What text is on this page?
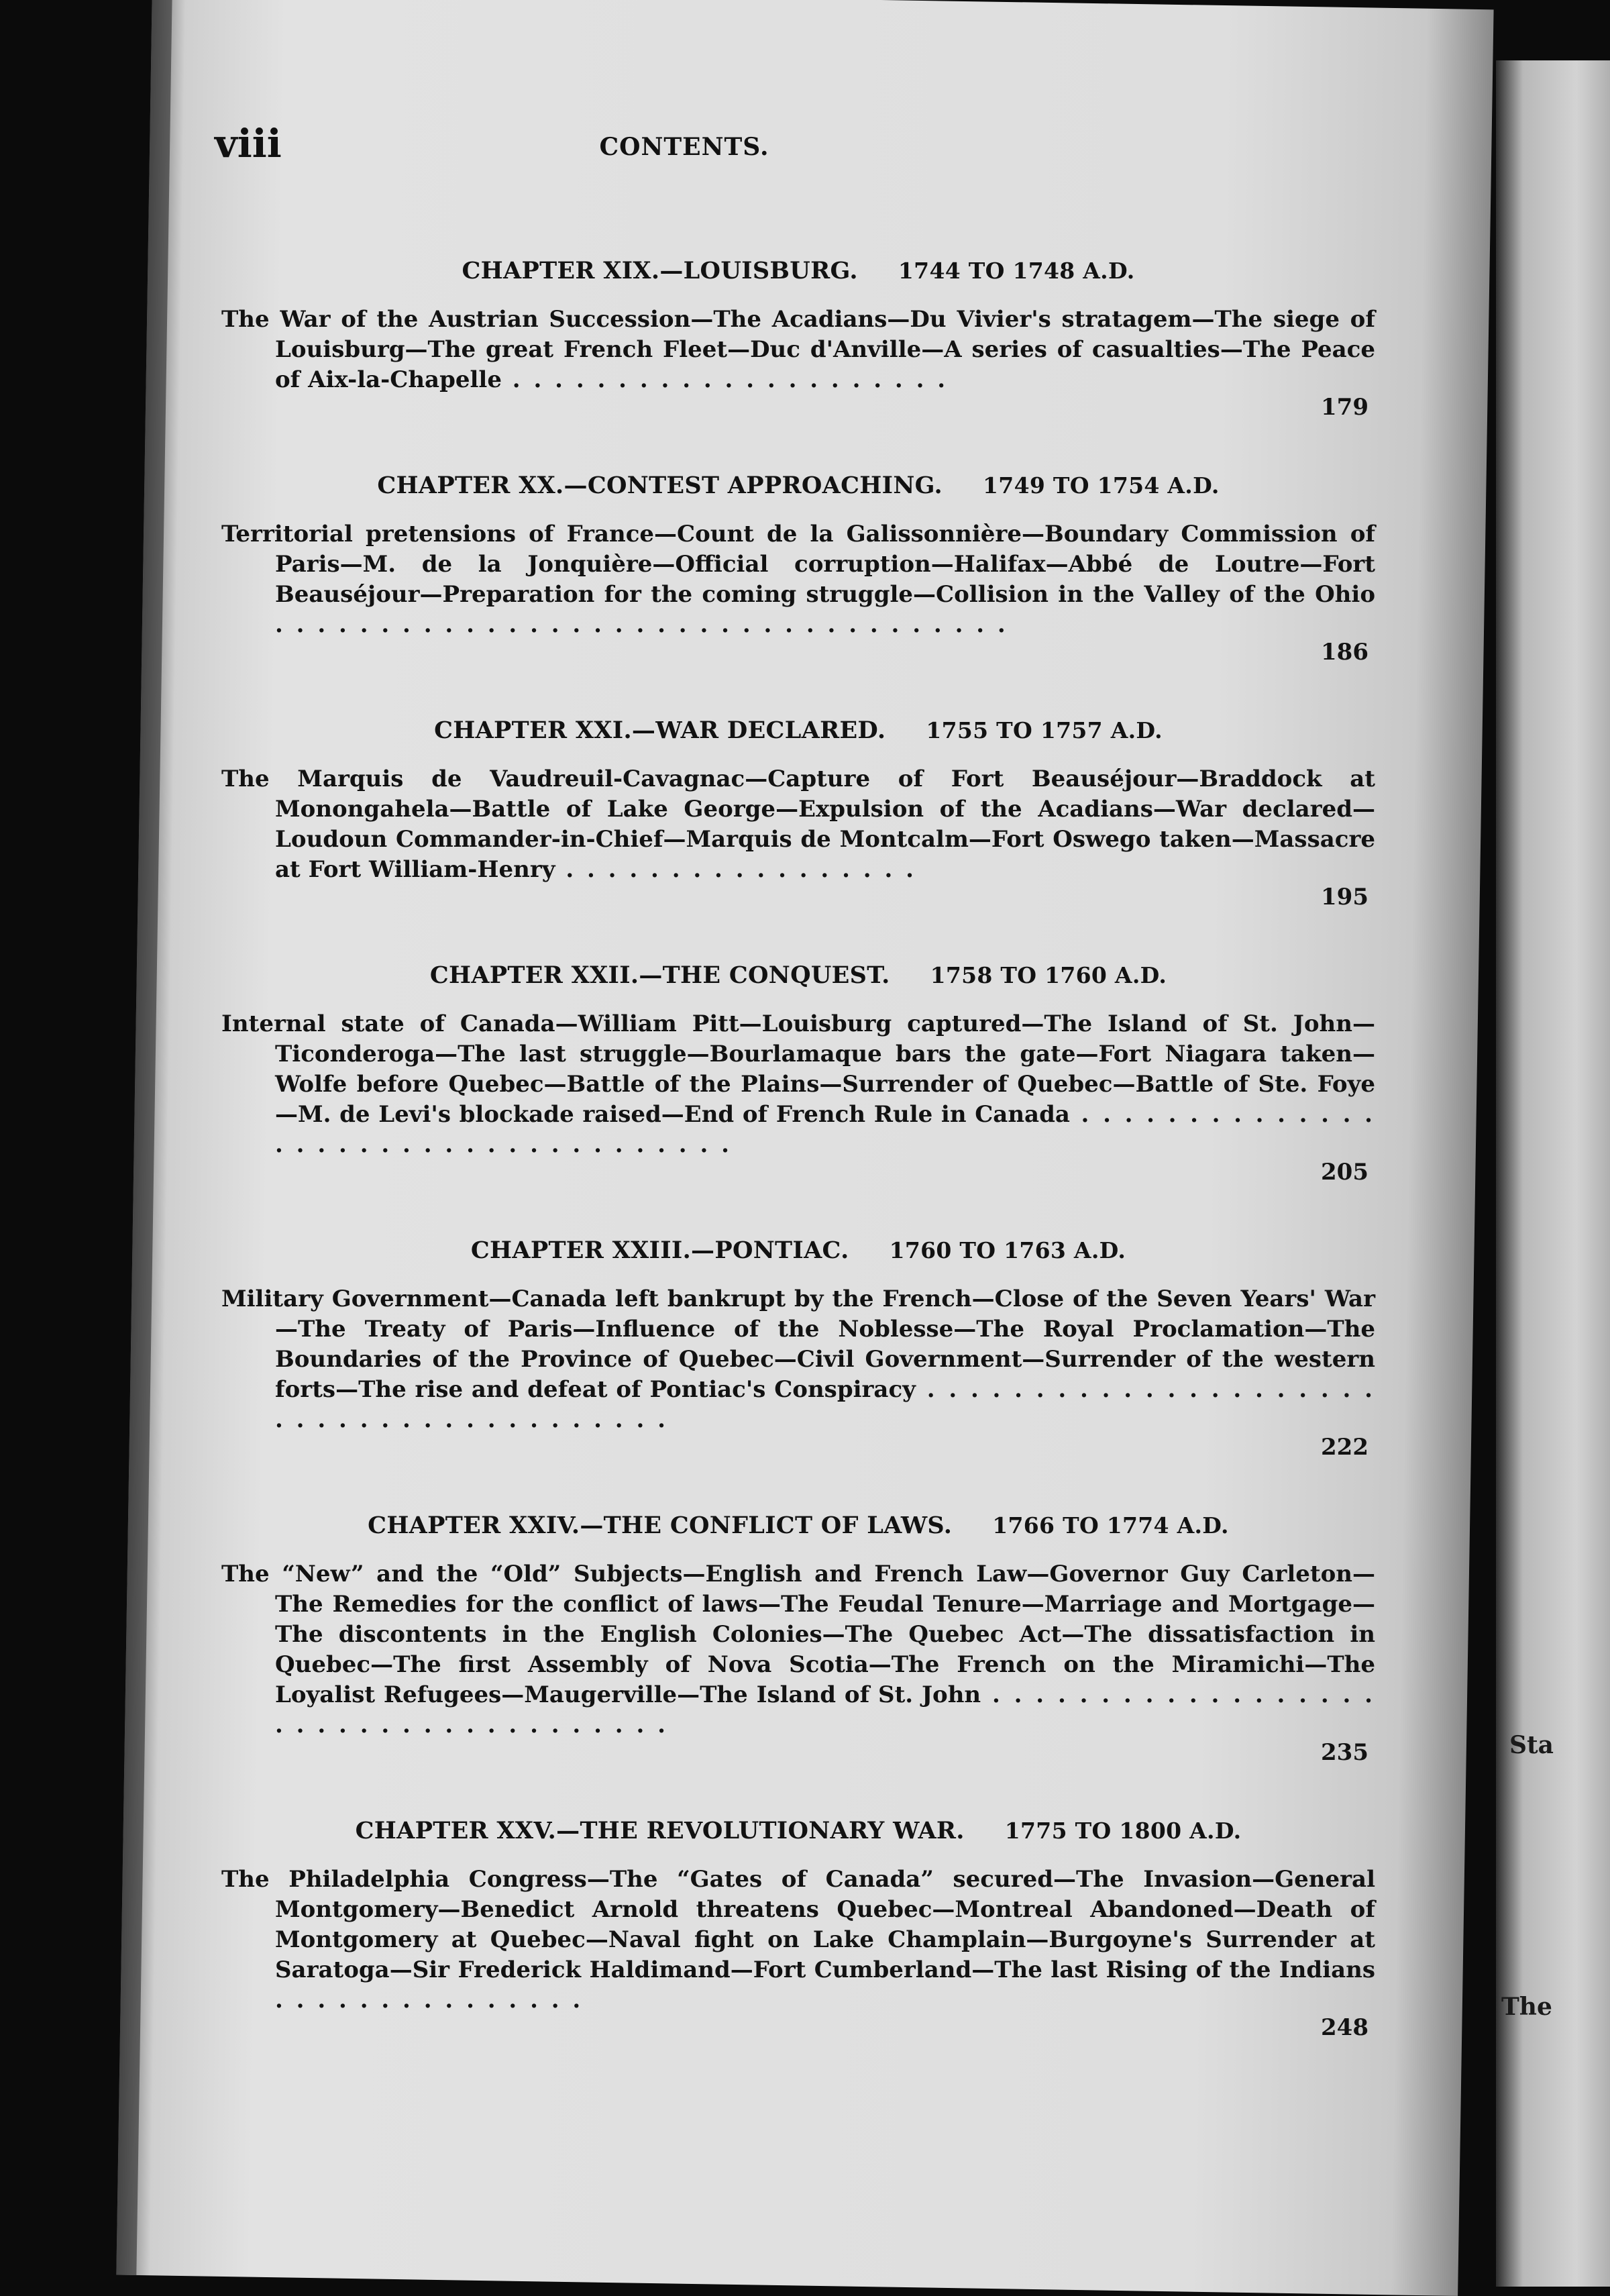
Sta
The
viii	CONTENTS.
CHAPTER XIX.—LOUISBURG. 1744 TO 1748 A.D.
The War of the Austrian Succession—The Acadians—Du Vivier's stratagem—The siege of Louisburg—The great French Fleet—Duc d'Anville—A series of casualties—The Peace of Aix-la-Chapelle . . . . . . . . . . . . . . . . . . . . .
179
CHAPTER XX.—CONTEST APPROACHING. 1749 TO 1754 A.D.
Territorial pretensions of France—Count de la Galissonnière—Boundary Commission of Paris—M. de la Jonquière—Official corruption—Halifax—Abbé de Loutre—Fort Beauséjour—Preparation for the coming struggle—Collision in the Valley of the Ohio . . . . . . . . . . . . . . . . . . . . . . . . . . . . . . . . . . .
186
CHAPTER XXI.—WAR DECLARED. 1755 TO 1757 A.D.
The Marquis de Vaudreuil-Cavagnac—Capture of Fort Beauséjour—Braddock at Monongahela—Battle of Lake George—Expulsion of the Acadians—War declared—Loudoun Commander-in-Chief—Marquis de Montcalm—Fort Oswego taken—Massacre at Fort William-Henry . . . . . . . . . . . . . . . . .
195
CHAPTER XXII.—THE CONQUEST. 1758 TO 1760 A.D.
Internal state of Canada—William Pitt—Louisburg captured—The Island of St. John—Ticonderoga—The last struggle—Bourlamaque bars the gate—Fort Niagara taken—Wolfe before Quebec—Battle of the Plains—Surrender of Quebec—Battle of Ste. Foye—M. de Levi's blockade raised—End of French Rule in Canada . . . . . . . . . . . . . . . . . . . . . . . . . . . . . . . . . . . .
205
CHAPTER XXIII.—PONTIAC. 1760 TO 1763 A.D.
Military Government—Canada left bankrupt by the French—Close of the Seven Years' War—The Treaty of Paris—Influence of the Noblesse—The Royal Proclamation—The Boundaries of the Province of Quebec—Civil Government—Surrender of the western forts—The rise and defeat of Pontiac's Conspiracy . . . . . . . . . . . . . . . . . . . . . . . . . . . . . . . . . . . . . . . .
222
CHAPTER XXIV.—THE CONFLICT OF LAWS. 1766 TO 1774 A.D.
The “New” and the “Old” Subjects—English and French Law—Governor Guy Carleton—The Remedies for the conflict of laws—The Feudal Tenure—Marriage and Mortgage—The discontents in the English Colonies—The Quebec Act—The dissatisfaction in Quebec—The first Assembly of Nova Scotia—The French on the Miramichi—The Loyalist Refugees—Maugerville—The Island of St. John . . . . . . . . . . . . . . . . . . . . . . . . . . . . . . . . . . . . .
235
CHAPTER XXV.—THE REVOLUTIONARY WAR. 1775 TO 1800 A.D.
The Philadelphia Congress—The “Gates of Canada” secured—The Invasion—General Montgomery—Benedict Arnold threatens Quebec—Montreal Abandoned—Death of Montgomery at Quebec—Naval fight on Lake Champlain—Burgoyne's Surrender at Saratoga—Sir Frederick Haldimand—Fort Cumberland—The last Rising of the Indians . . . . . . . . . . . . . . .
248
